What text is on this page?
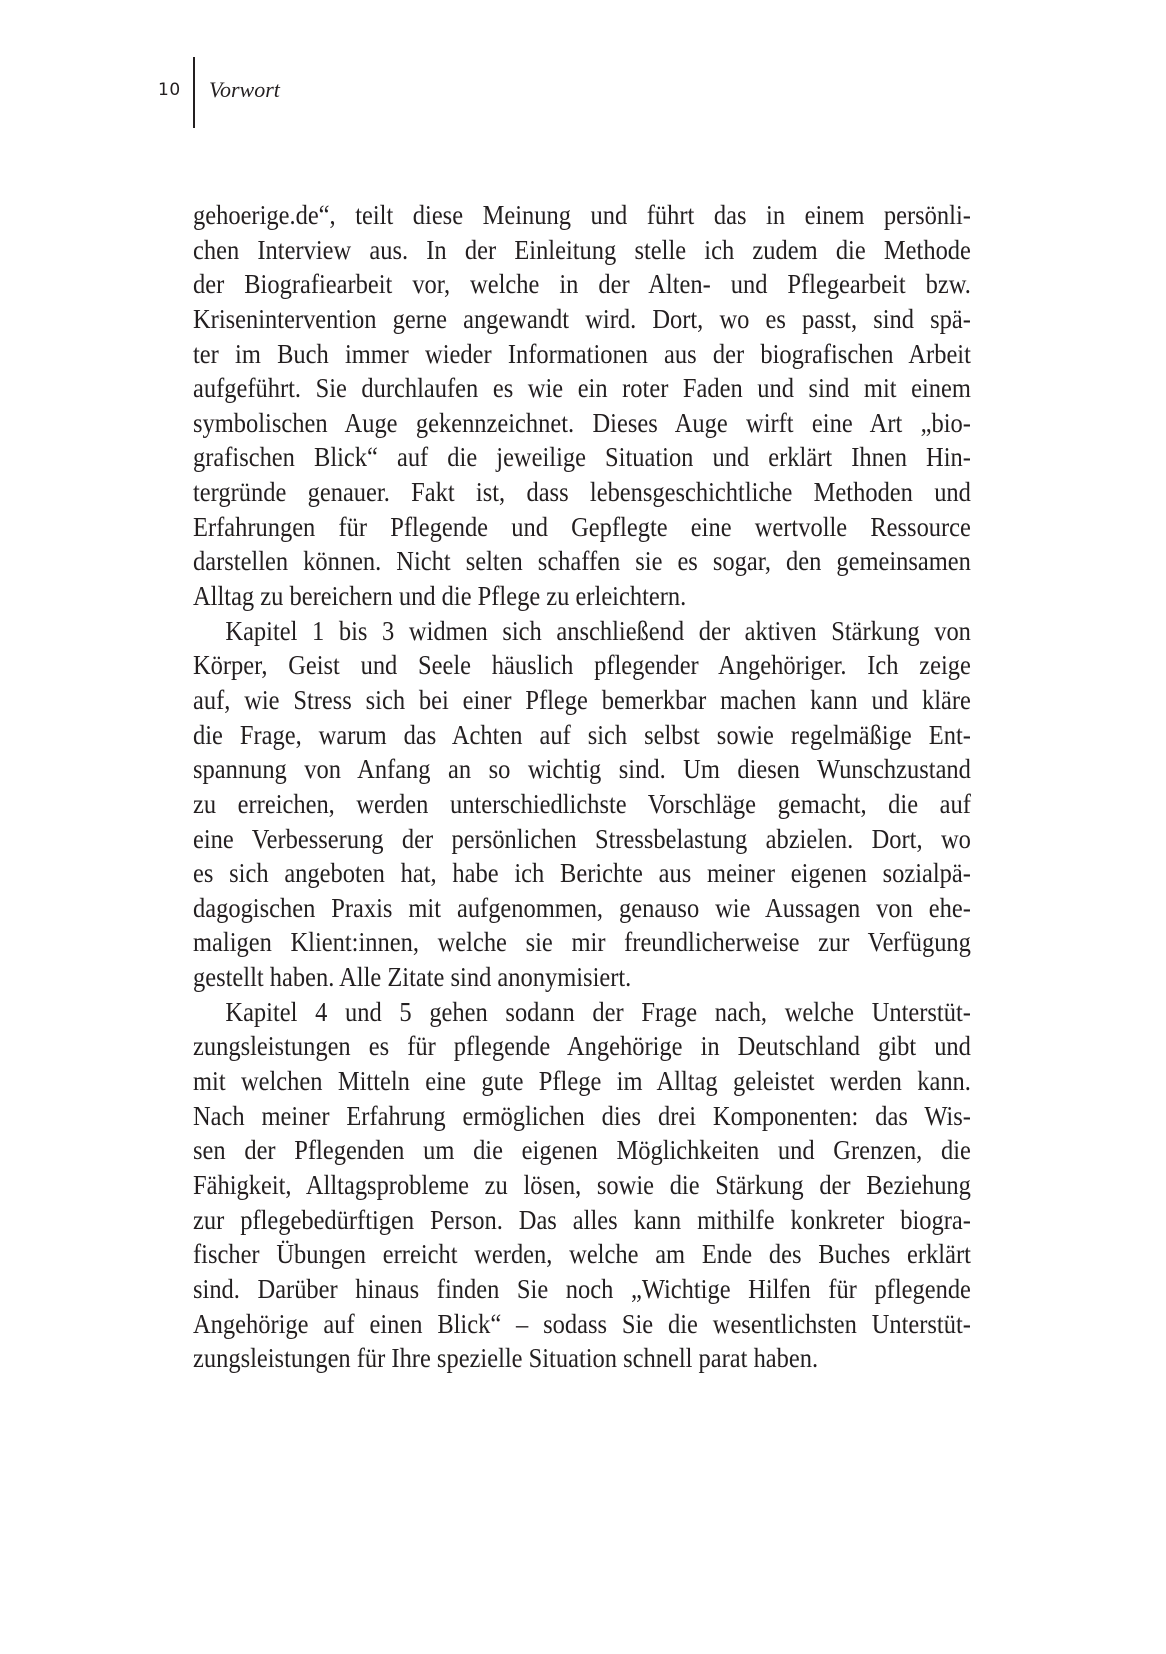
10 Vorwort
gehoerige.de“, teilt diese Meinung und führt das in einem persönli-
chen Interview aus. In der Einleitung stelle ich zudem die Methode
der Biografiearbeit vor, welche in der Alten- und Pflegearbeit bzw.
Krisenintervention gerne angewandt wird. Dort, wo es passt, sind spä-
ter im Buch immer wieder Informationen aus der biografischen Arbeit
aufgeführt. Sie durchlaufen es wie ein roter Faden und sind mit einem
symbolischen Auge gekennzeichnet. Dieses Auge wirft eine Art „bio-
grafischen Blick“ auf die jeweilige Situation und erklärt Ihnen Hin-
tergründe genauer. Fakt ist, dass lebensgeschichtliche Methoden und
Erfahrungen für Pflegende und Gepflegte eine wertvolle Ressource
darstellen können. Nicht selten schaffen sie es sogar, den gemeinsamen
Alltag zu bereichern und die Pflege zu erleichtern.
Kapitel 1 bis 3 widmen sich anschließend der aktiven Stärkung von
Körper, Geist und Seele häuslich pflegender Angehöriger. Ich zeige
auf, wie Stress sich bei einer Pflege bemerkbar machen kann und kläre
die Frage, warum das Achten auf sich selbst sowie regelmäßige Ent-
spannung von Anfang an so wichtig sind. Um diesen Wunschzustand
zu erreichen, werden unterschiedlichste Vorschläge gemacht, die auf
eine Verbesserung der persönlichen Stressbelastung abzielen. Dort, wo
es sich angeboten hat, habe ich Berichte aus meiner eigenen sozialpä-
dagogischen Praxis mit aufgenommen, genauso wie Aussagen von ehe-
maligen Klient:innen, welche sie mir freundlicherweise zur Verfügung
gestellt haben. Alle Zitate sind anonymisiert.
Kapitel 4 und 5 gehen sodann der Frage nach, welche Unterstüt-
zungsleistungen es für pflegende Angehörige in Deutschland gibt und
mit welchen Mitteln eine gute Pflege im Alltag geleistet werden kann.
Nach meiner Erfahrung ermöglichen dies drei Komponenten: das Wis-
sen der Pflegenden um die eigenen Möglichkeiten und Grenzen, die
Fähigkeit, Alltagsprobleme zu lösen, sowie die Stärkung der Beziehung
zur pflegebedürftigen Person. Das alles kann mithilfe konkreter biogra-
fischer Übungen erreicht werden, welche am Ende des Buches erklärt
sind. Darüber hinaus finden Sie noch „Wichtige Hilfen für pflegende
Angehörige auf einen Blick“ – sodass Sie die wesentlichsten Unterstüt-
zungsleistungen für Ihre spezielle Situation schnell parat haben.
